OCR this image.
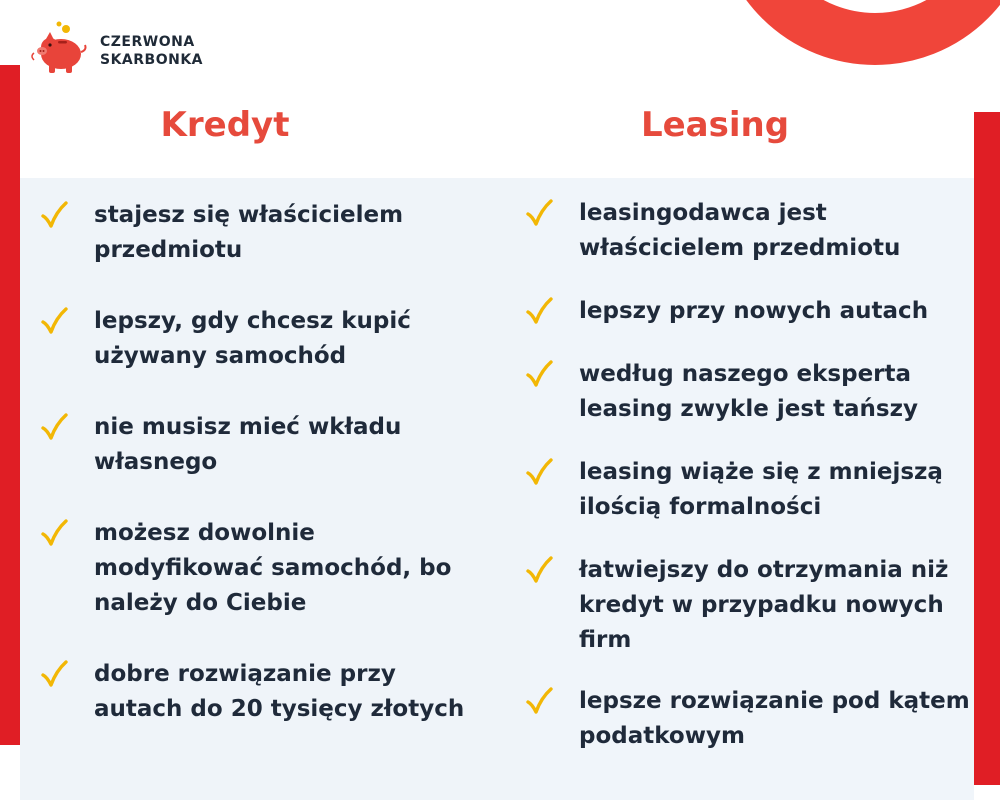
CZERWONA
SKARBONKA
Kredyt	Leasing
stajesz się właścicielem przedmiotu
lepszy, gdy chcesz kupić używany samochód
nie musisz mieć wkładu własnego
możesz dowolnie modyfikować samochód, bo należy do Ciebie
dobre rozwiązanie przy autach do 20 tysięcy złotych
leasingodawca jest właścicielem przedmiotu
lepszy przy nowych autach
według naszego eksperta leasing zwykle jest tańszy
leasing wiąże się z mniejszą ilością formalności
łatwiejszy do otrzymania niż kredyt w przypadku nowych firm
lepsze rozwiązanie pod kątem podatkowym
